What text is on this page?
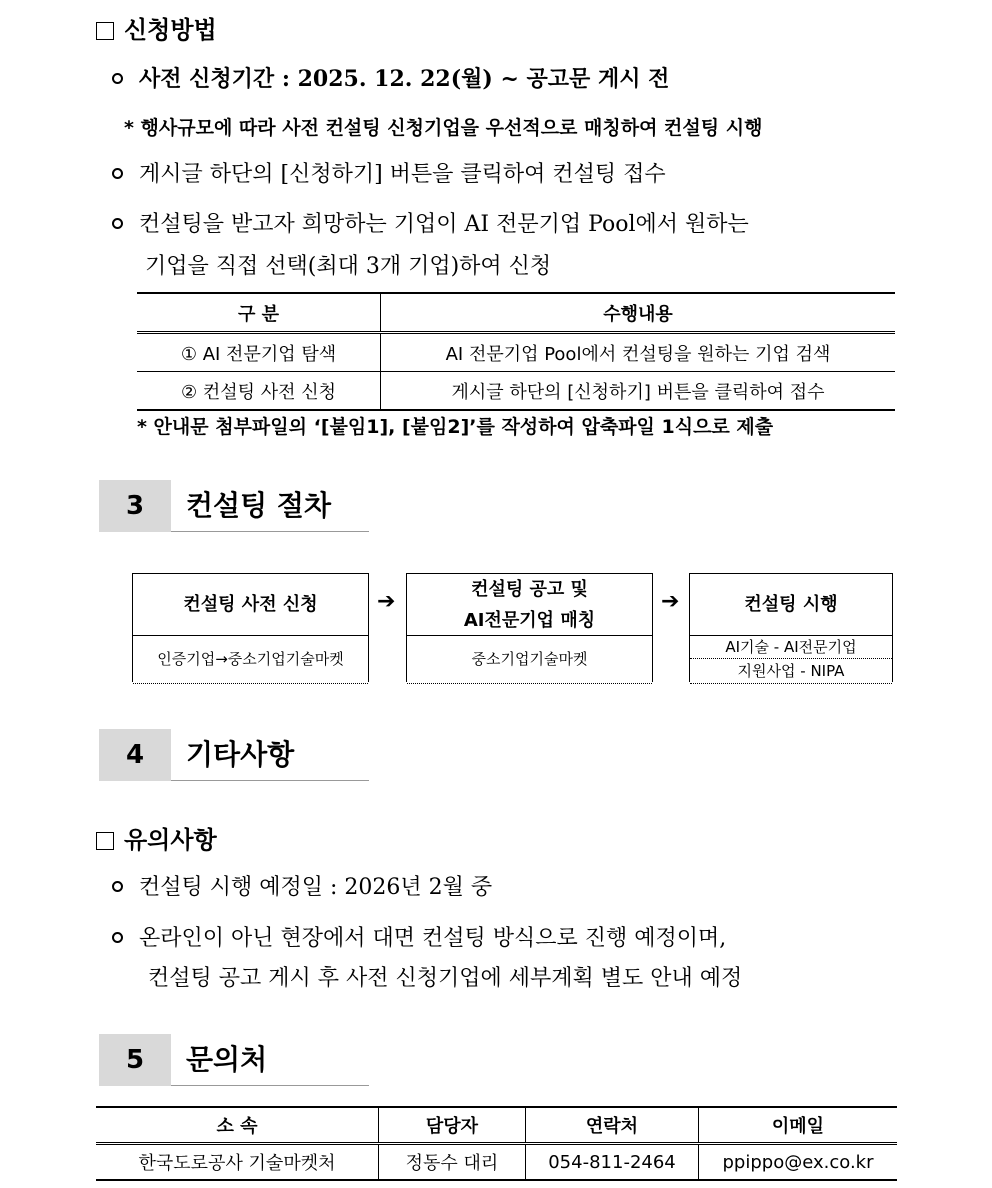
신청방법
사전 신청기간 : 2025. 12. 22(월) ~ 공고문 게시 전
* 행사규모에 따라 사전 컨설팅 신청기업을 우선적으로 매칭하여 컨설팅 시행
게시글 하단의 [신청하기] 버튼을 클릭하여 컨설팅 접수
컨설팅을 받고자 희망하는 기업이 AI 전문기업 Pool에서 원하는
기업을 직접 선택(최대 3개 기업)하여 신청
구 분	수행내용
① AI 전문기업 탐색	AI 전문기업 Pool에서 컨설팅을 원하는 기업 검색
② 컨설팅 사전 신청	게시글 하단의 [신청하기] 버튼을 클릭하여 접수
* 안내문 첨부파일의 ‘[붙임1], [붙임2]’를 작성하여 압축파일 1식으로 제출
3	컨설팅 절차
컨설팅 사전 신청
인증기업→중소기업기술마켓
➔	컨설팅 공고 및
AI전문기업 매칭
중소기업기술마켓
➔	컨설팅 시행
AI기술 - AI전문기업
지원사업 - NIPA
4	기타사항
유의사항
컨설팅 시행 예정일 : 2026년 2월 중
온라인이 아닌 현장에서 대면 컨설팅 방식으로 진행 예정이며,
컨설팅 공고 게시 후 사전 신청기업에 세부계획 별도 안내 예정
5	문의처
소 속	담당자	연락처	이메일
한국도로공사 기술마켓처	정동수 대리	054-811-2464	ppippo@ex.co.kr
